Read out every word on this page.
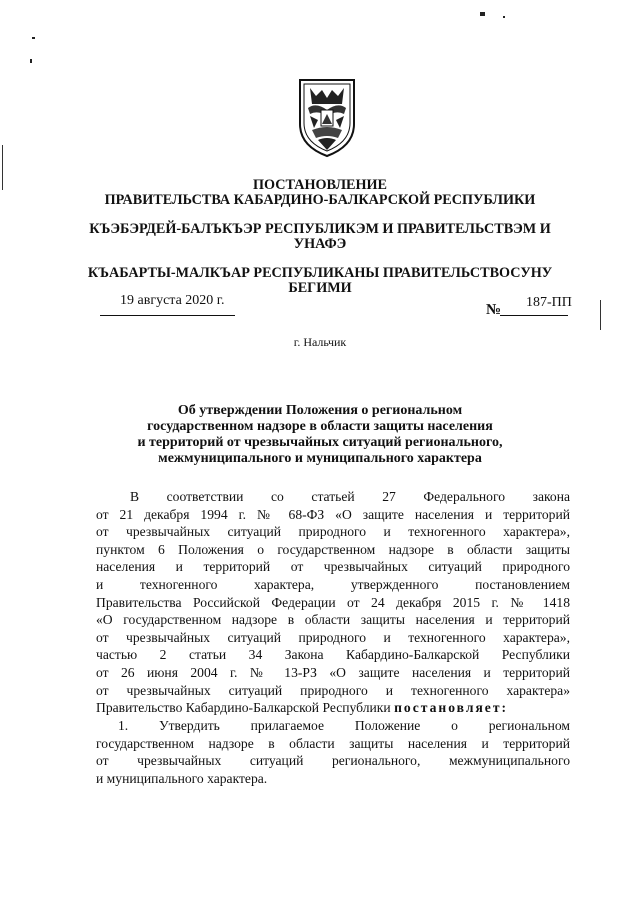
ПОСТАНОВЛЕНИЕ
ПРАВИТЕЛЬСТВА КАБАРДИНО-БАЛКАРСКОЙ РЕСПУБЛИКИ
КЪЭБЭРДЕЙ-БАЛЪКЪЭР РЕСПУБЛИКЭМ И ПРАВИТЕЛЬСТВЭМ И
УНАФЭ
КЪАБАРТЫ-МАЛКЪАР РЕСПУБЛИКАНЫ ПРАВИТЕЛЬСТВОСУНУ
БЕГИМИ
19 августа 2020 г.
№ 187-ПП
г. Нальчик
Об утверждении Положения о региональном
государственном надзоре в области защиты населения
и территорий от чрезвычайных ситуаций регионального,
межмуниципального и муниципального характера
В соответствии со статьей 27 Федерального закона
от 21 декабря 1994 г. № 68-ФЗ «О защите населения и территорий
от чрезвычайных ситуаций природного и техногенного характера»,
пунктом 6 Положения о государственном надзоре в области защиты
населения и территорий от чрезвычайных ситуаций природного
и техногенного характера, утвержденного постановлением
Правительства Российской Федерации от 24 декабря 2015 г. № 1418
«О государственном надзоре в области защиты населения и территорий
от чрезвычайных ситуаций природного и техногенного характера»,
частью 2 статьи 34 Закона Кабардино-Балкарской Республики
от 26 июня 2004 г. № 13-РЗ «О защите населения и территорий
от чрезвычайных ситуаций природного и техногенного характера»
Правительство Кабардино-Балкарской Республики постановляет:
1. Утвердить прилагаемое Положение о региональном
государственном надзоре в области защиты населения и территорий
от чрезвычайных ситуаций регионального, межмуниципального
и муниципального характера.
